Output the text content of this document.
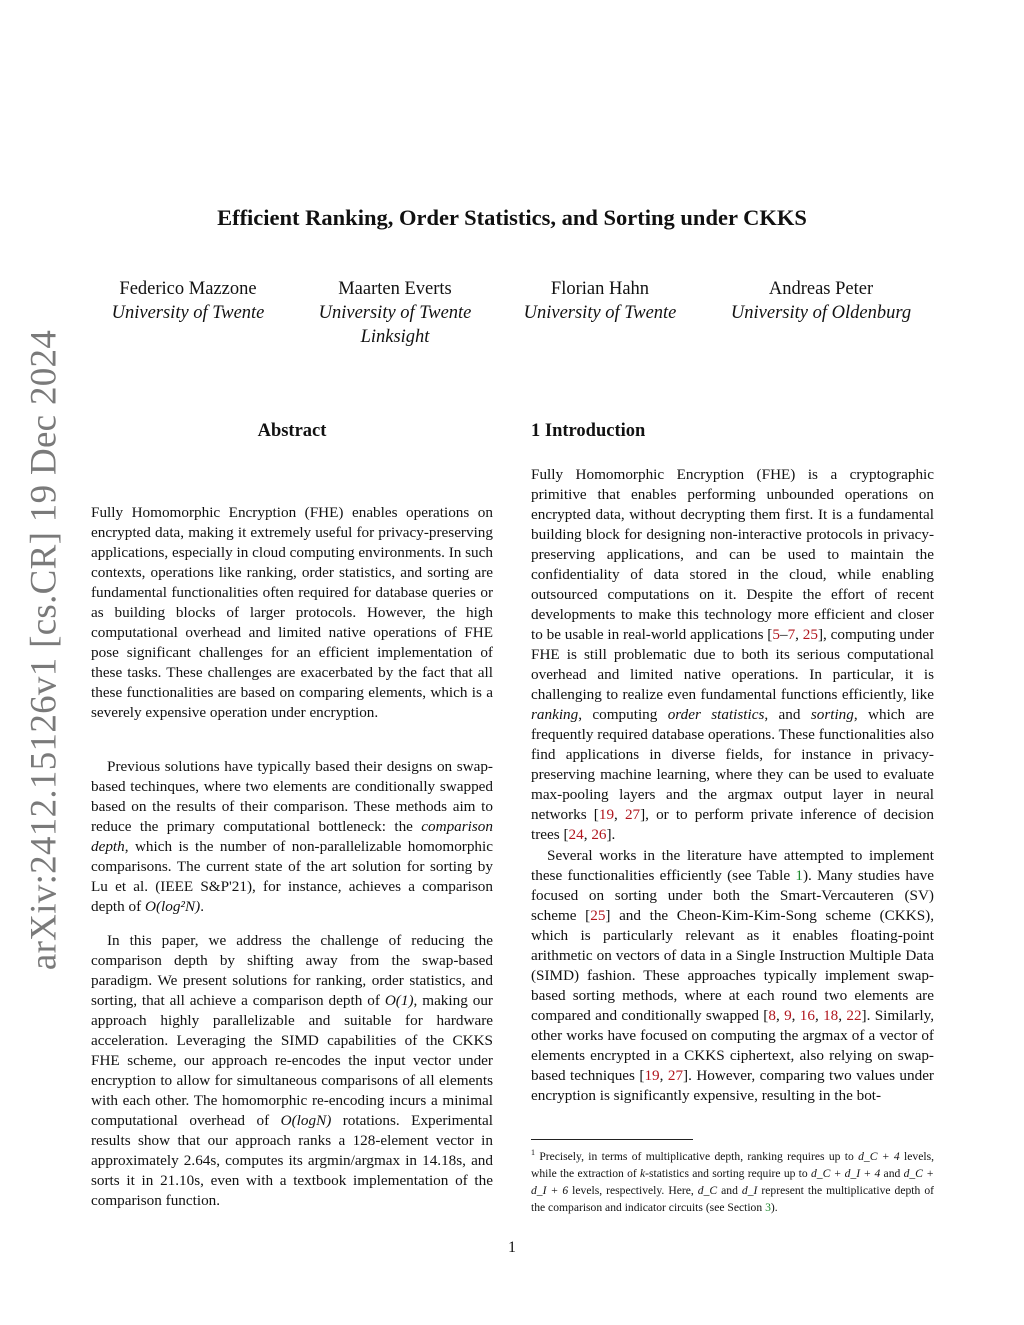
arXiv:2412.15126v1 [cs.CR] 19 Dec 2024
Efficient Ranking, Order Statistics, and Sorting under CKKS
Federico Mazzone
University of Twente
Maarten Everts
University of Twente
Linksight
Florian Hahn
University of Twente
Andreas Peter
University of Oldenburg
Abstract

Fully Homomorphic Encryption (FHE) enables operations on encrypted data, making it extremely useful for privacy-preserving applications, especially in cloud computing environments. In such contexts, operations like ranking, order statistics, and sorting are fundamental functionalities often required for database queries or as building blocks of larger protocols. However, the high computational overhead and limited native operations of FHE pose significant challenges for an efficient implementation of these tasks. These challenges are exacerbated by the fact that all these functionalities are based on comparing elements, which is a severely expensive operation under encryption.

Previous solutions have typically based their designs on swap-based techinques, where two elements are conditionally swapped based on the results of their comparison. These methods aim to reduce the primary computational bottleneck: the comparison depth, which is the number of non-parallelizable homomorphic comparisons. The current state of the art solution for sorting by Lu et al. (IEEE S&P'21), for instance, achieves a comparison depth of O(log²N).

In this paper, we address the challenge of reducing the comparison depth by shifting away from the swap-based paradigm. We present solutions for ranking, order statistics, and sorting, that all achieve a comparison depth of O(1), making our approach highly parallelizable and suitable for hardware acceleration. Leveraging the SIMD capabilities of the CKKS FHE scheme, our approach re-encodes the input vector under encryption to allow for simultaneous comparisons of all elements with each other. The homomorphic re-encoding incurs a minimal computational overhead of O(logN) rotations. Experimental results show that our approach ranks a 128-element vector in approximately 2.64s, computes its argmin/argmax in 14.18s, and sorts it in 21.10s, even with a textbook implementation of the comparison function.

1 Introduction

Fully Homomorphic Encryption (FHE) is a cryptographic primitive that enables performing unbounded operations on encrypted data, without decrypting them first. It is a fundamental building block for designing non-interactive protocols in privacy-preserving applications, and can be used to maintain the confidentiality of data stored in the cloud, while enabling outsourced computations on it. Despite the effort of recent developments to make this technology more efficient and closer to be usable in real-world applications [5–7, 25], computing under FHE is still problematic due to both its serious computational overhead and limited native operations. In particular, it is challenging to realize even fundamental functions efficiently, like ranking, computing order statistics, and sorting, which are frequently required database operations. These functionalities also find applications in diverse fields, for instance in privacy-preserving machine learning, where they can be used to evaluate max-pooling layers and the argmax output layer in neural networks [19, 27], or to perform private inference of decision trees [24, 26].

Several works in the literature have attempted to implement these functionalities efficiently (see Table 1). Many studies have focused on sorting under both the Smart-Vercauteren (SV) scheme [25] and the Cheon-Kim-Kim-Song scheme (CKKS), which is particularly relevant as it enables floating-point arithmetic on vectors of data in a Single Instruction Multiple Data (SIMD) fashion. These approaches typically implement swap-based sorting methods, where at each round two elements are compared and conditionally swapped [8, 9, 16, 18, 22]. Similarly, other works have focused on computing the argmax of a vector of elements encrypted in a CKKS ciphertext, also relying on swap-based techniques [19, 27]. However, comparing two values under encryption is significantly expensive, resulting in the bot-

$^1$ Precisely, in terms of multiplicative depth, ranking requires up to d_C + 4 levels, while the extraction of k-statistics and sorting require up to d_C + d_I + 4 and d_C + d_I + 6 levels, respectively. Here, d_C and d_I represent the multiplicative depth of the comparison and indicator circuits (see Section 3).

1
